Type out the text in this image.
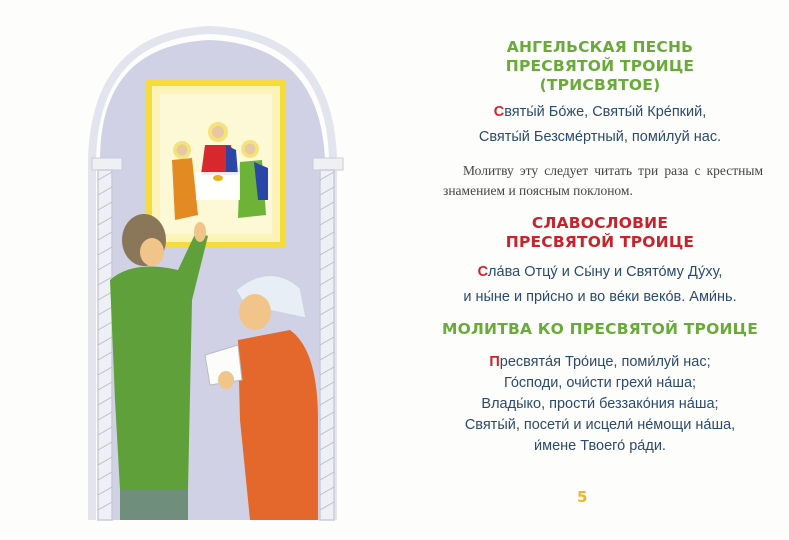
АНГЕЛЬСКАЯ ПЕСНЬ
ПРЕСВЯТОЙ ТРОИЦЕ
(ТРИСВЯТОЕ)
Святы́й Бо́же, Святы́й Кре́пкий,
Святы́й Безсме́ртный, поми́луй нас.
Молитву эту следует читать три раза с крестным знамением и поясным поклоном.
СЛАВОСЛОВИЕ
ПРЕСВЯТОЙ ТРОИЦЕ
Сла́ва Отцу́ и Сы́ну и Свято́му Ду́ху,
и ны́не и при́сно и во ве́ки веко́в. Ами́нь.
МОЛИТВА КО ПРЕСВЯТОЙ ТРОИЦЕ
Пресвята́я Тро́ице, поми́луй нас;
Го́споди, очи́сти грехи́ на́ша;
Влады́ко, прости́ беззако́ния на́ша;
Святы́й, посети́ и исцели́ не́мощи на́ша,
и́мене Твоего́ ра́ди.
5
